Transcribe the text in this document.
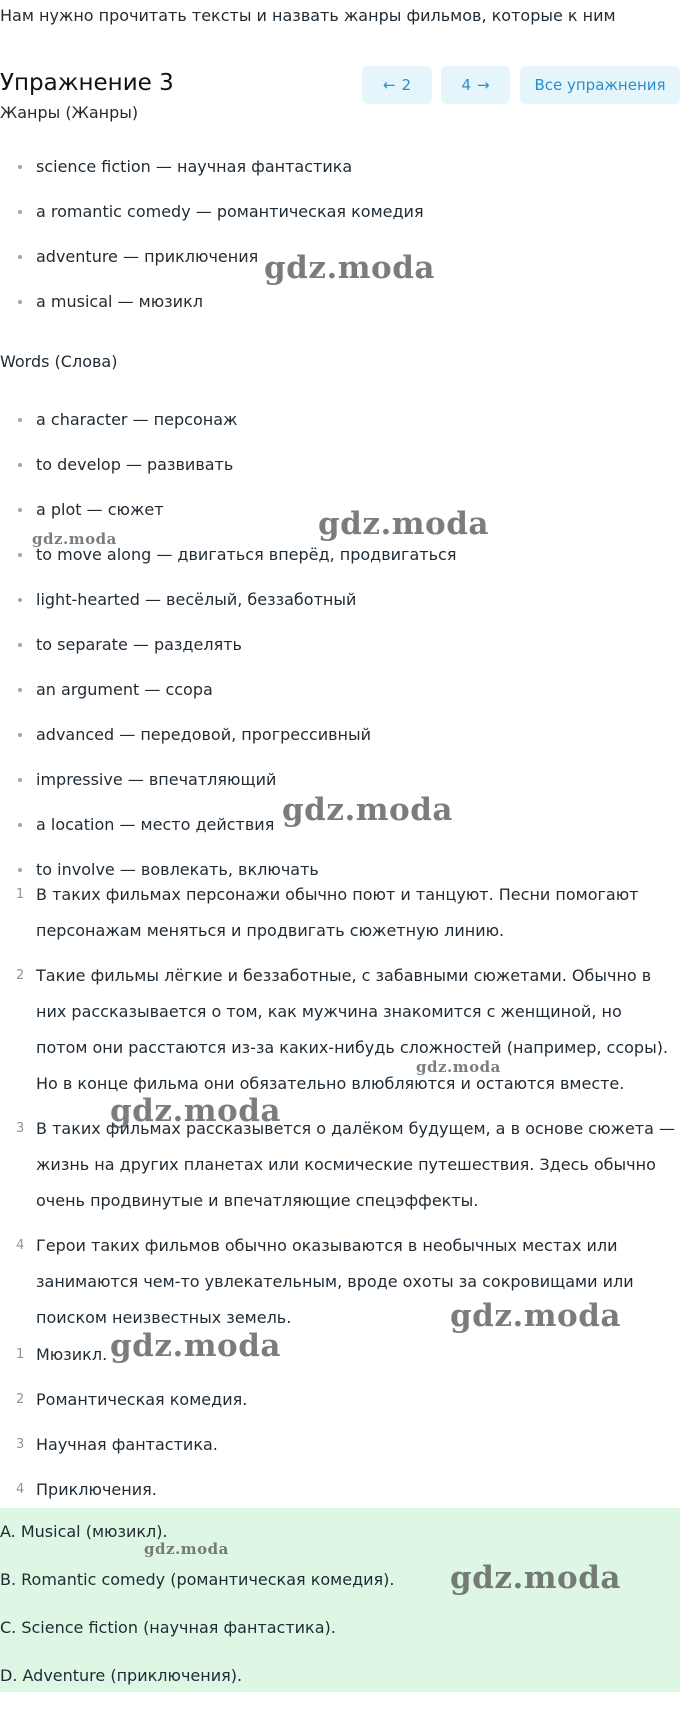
Нам нужно прочитать тексты и назвать жанры фильмов, которые к ним
Упражнение 3	← 2	4 →	Все упражнения
Жанры (Жанры)
science fiction — научная фантастика
a romantic comedy — романтическая комедия
adventure — приключения
a musical — мюзикл
Words (Слова)
a character — персонаж
to develop — развивать
a plot — сюжет
to move along — двигаться вперёд, продвигаться
light-hearted — весёлый, беззаботный
to separate — разделять
an argument — ссора
advanced — передовой, прогрессивный
impressive — впечатляющий
a location — место действия
to involve — вовлекать, включать
1 В таких фильмах персонажи обычно поют и танцуют. Песни помогают персонажам меняться и продвигать сюжетную линию.
2 Такие фильмы лёгкие и беззаботные, с забавными сюжетами. Обычно в них рассказывается о том, как мужчина знакомится с женщиной, но потом они расстаются из-за каких-нибудь сложностей (например, ссоры). Но в конце фильма они обязательно влюбляются и остаются вместе.
3 В таких фильмах рассказывется о далёком будущем, а в основе сюжета — жизнь на других планетах или космические путешествия. Здесь обычно очень продвинутые и впечатляющие спецэффекты.
4 Герои таких фильмов обычно оказываются в необычных местах или занимаются чем-то увлекательным, вроде охоты за сокровищами или поиском неизвестных земель.
1 Мюзикл.
2 Романтическая комедия.
3 Научная фантастика.
4 Приключения.
A. Musical (мюзикл).
B. Romantic comedy (романтическая комедия).
C. Science fiction (научная фантастика).
D. Adventure (приключения).
gdz.moda
gdz.moda
gdz.moda
gdz.moda
gdz.moda
gdz.moda
gdz.moda
gdz.moda
gdz.moda
gdz.moda
